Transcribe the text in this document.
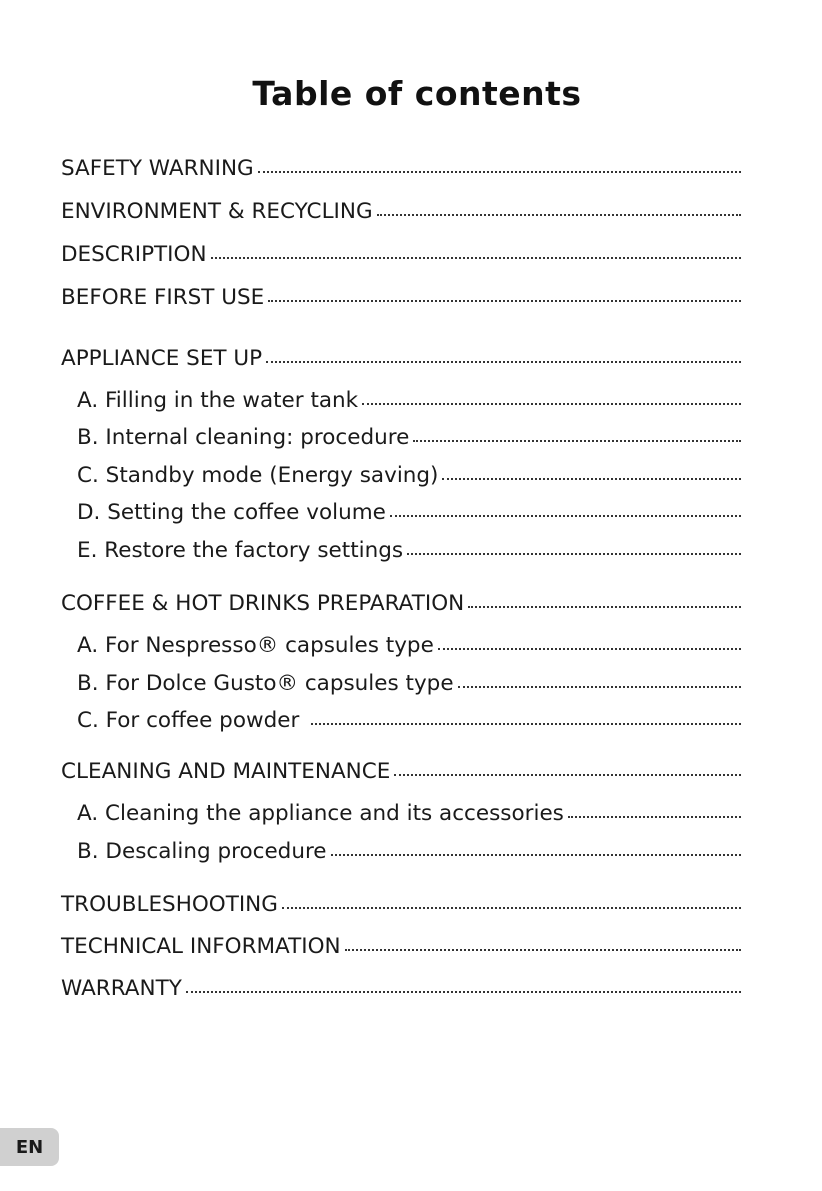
Table of contents
SAFETY WARNING
ENVIRONMENT & RECYCLING
DESCRIPTION
BEFORE FIRST USE
APPLIANCE SET UP
A. Filling in the water tank
B. Internal cleaning: procedure
C. Standby mode (Energy saving)
D. Setting the coffee volume
E. Restore the factory settings
COFFEE & HOT DRINKS PREPARATION
A. For Nespresso® capsules type
B. For Dolce Gusto® capsules type
C. For coffee powder
CLEANING AND MAINTENANCE
A. Cleaning the appliance and its accessories
B. Descaling procedure
TROUBLESHOOTING
TECHNICAL INFORMATION
WARRANTY
EN
